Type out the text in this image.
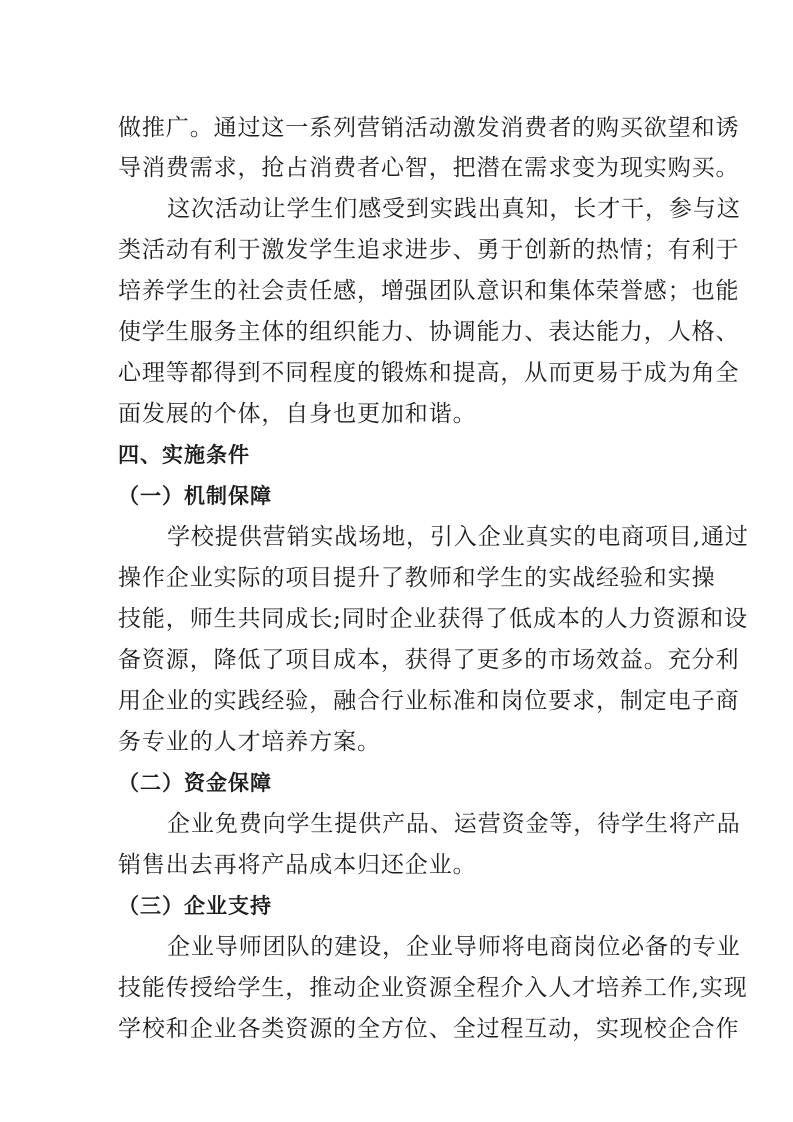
做推广。通过这一系列营销活动激发消费者的购买欲望和诱
导消费需求，抢占消费者心智，把潜在需求变为现实购买。
这次活动让学生们感受到实践出真知，长才干，参与这
类活动有利于激发学生追求进步、勇于创新的热情；有利于
培养学生的社会责任感，增强团队意识和集体荣誉感；也能
使学生服务主体的组织能力、协调能力、表达能力，人格、
心理等都得到不同程度的锻炼和提高，从而更易于成为角全
面发展的个体，自身也更加和谐。
四、实施条件
（一）机制保障
学校提供营销实战场地，引入企业真实的电商项目,通过
操作企业实际的项目提升了教师和学生的实战经验和实操
技能，师生共同成长;同时企业获得了低成本的人力资源和设
备资源，降低了项目成本，获得了更多的市场效益。充分利
用企业的实践经验，融合行业标准和岗位要求，制定电子商
务专业的人才培养方案。
（二）资金保障
企业免费向学生提供产品、运营资金等，待学生将产品
销售出去再将产品成本归还企业。
（三）企业支持
企业导师团队的建设，企业导师将电商岗位必备的专业
技能传授给学生，推动企业资源全程介入人才培养工作,实现
学校和企业各类资源的全方位、全过程互动，实现校企合作
